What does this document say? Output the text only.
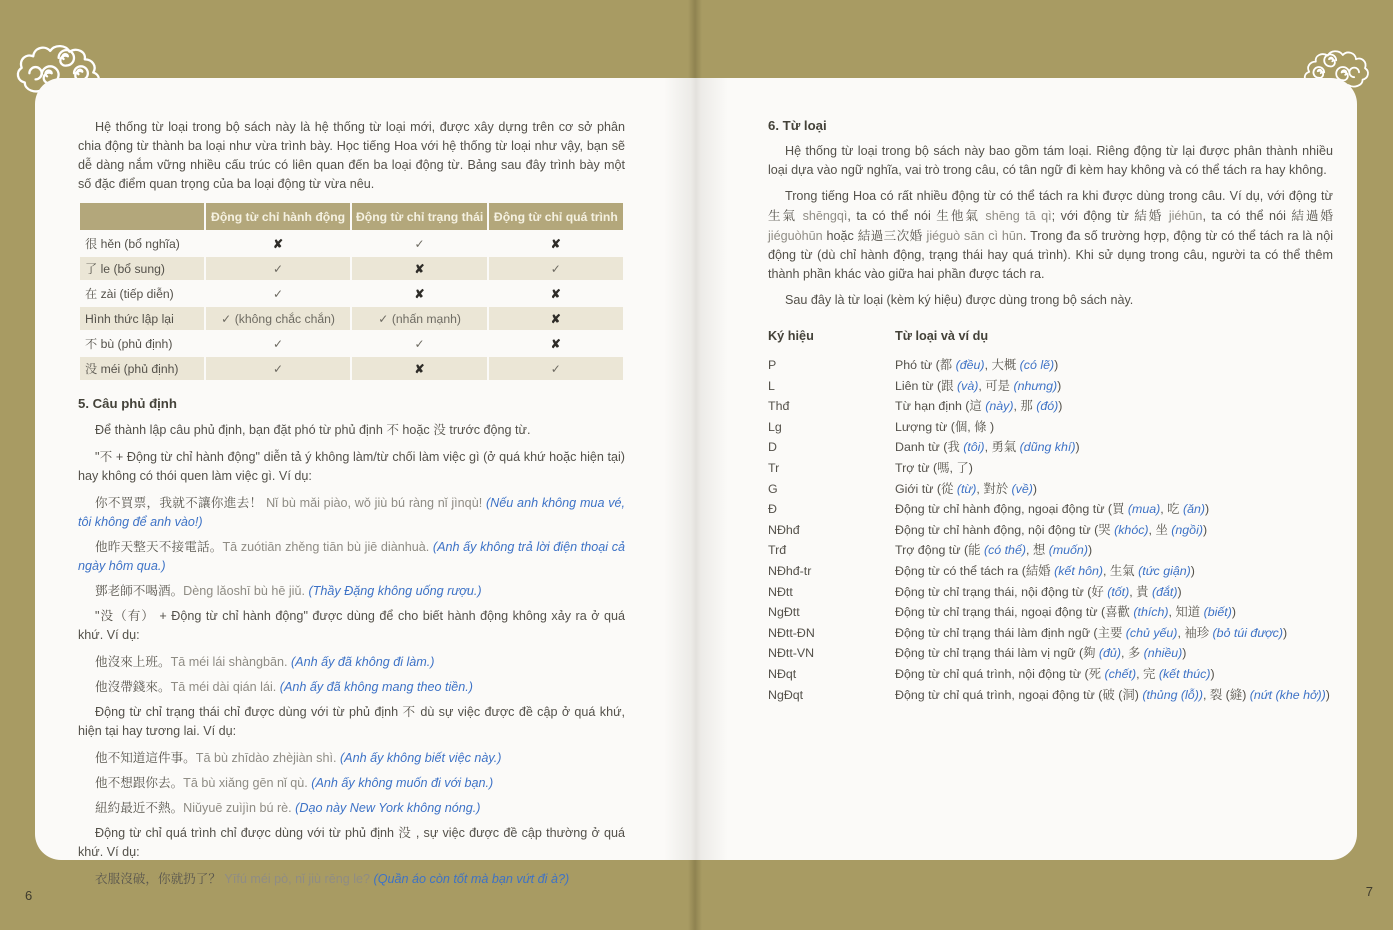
Hệ thống từ loại trong bộ sách này là hệ thống từ loại mới, được xây dựng trên cơ sở phân chia động từ thành ba loại như vừa trình bày. Học tiếng Hoa với hệ thống từ loại như vậy, bạn sẽ dễ dàng nắm vững nhiều cấu trúc có liên quan đến ba loại động từ. Bảng sau đây trình bày một số đặc điểm quan trọng của ba loại động từ vừa nêu.

	Động từ chỉ hành động	Động từ chỉ trạng thái	Động từ chỉ quá trình
很 hěn (bổ nghĩa)	✘	✓	✘
了 le (bổ sung)	✓	✘	✓
在 zài (tiếp diễn)	✓	✘	✘
Hình thức lập lại	✓ (không chắc chắn)	✓ (nhấn mạnh)	✘
不 bù (phủ định)	✓	✓	✘
没 méi (phủ định)	✓	✘	✓
5. Câu phủ định

Để thành lập câu phủ định, bạn đặt phó từ phủ định 不 hoặc 没 trước động từ.

"不 + Động từ chỉ hành động" diễn tả ý không làm/từ chối làm việc gì (ở quá khứ hoặc hiện tại) hay không có thói quen làm việc gì. Ví dụ:

你不買票，我就不讓你進去！ Nǐ bù mǎi piào, wǒ jiù bú ràng nǐ jìnqù! (Nếu anh không mua vé, tôi không để anh vào!)

他昨天整天不接電話。Tā zuótiān zhěng tiān bù jiē diànhuà. (Anh ấy không trả lời điện thoại cả ngày hôm qua.)

鄧老師不喝酒。Dèng lǎoshī bù hē jiǔ. (Thầy Đặng không uống rượu.)

"没（有） + Động từ chỉ hành động" được dùng để cho biết hành động không xảy ra ở quá khứ. Ví dụ:

他沒來上班。Tā méi lái shàngbān. (Anh ấy đã không đi làm.)

他沒帶錢來。Tā méi dài qián lái. (Anh ấy đã không mang theo tiền.)

Động từ chỉ trạng thái chỉ được dùng với từ phủ định 不 dù sự việc được đề cập ở quá khứ, hiện tại hay tương lai. Ví dụ:

他不知道這件事。Tā bù zhīdào zhèjiàn shì. (Anh ấy không biết việc này.)

他不想跟你去。Tā bù xiǎng gēn nǐ qù. (Anh ấy không muốn đi với bạn.)

紐約最近不熱。Niǔyuē zuìjìn bú rè. (Dạo này New York không nóng.)

Động từ chỉ quá trình chỉ được dùng với từ phủ định 没 , sự việc được đề cập thường ở quá khứ. Ví dụ:

衣服沒破，你就扔了？ Yīfú méi pò, nǐ jiù rēng le? (Quần áo còn tốt mà bạn vứt đi à?)

6. Từ loại

Hệ thống từ loại trong bộ sách này bao gồm tám loại. Riêng động từ lại được phân thành nhiều loại dựa vào ngữ nghĩa, vai trò trong câu, có tân ngữ đi kèm hay không và có thể tách ra hay không.

Trong tiếng Hoa có rất nhiều động từ có thể tách ra khi được dùng trong câu. Ví dụ, với động từ 生氣 shēngqì, ta có thể nói 生他氣 shēng tā qì; với động từ 結婚 jiéhūn, ta có thể nói 結過婚 jiéguòhūn hoặc 結過三次婚 jiéguò sān cì hūn. Trong đa số trường hợp, động từ có thể tách ra là nội động từ (dù chỉ hành động, trạng thái hay quá trình). Khi sử dụng trong câu, người ta có thể thêm thành phần khác vào giữa hai phần được tách ra.

Sau đây là từ loại (kèm ký hiệu) được dùng trong bộ sách này.

Ký hiệu	Từ loại và ví dụ
P	Phó từ (都 (đều), 大概 (có lẽ))
L	Liên từ (跟 (và), 可是 (nhưng))
Thđ	Từ hạn định (這 (này), 那 (đó))
Lg	Lượng từ (個, 條 )
D	Danh từ (我 (tôi), 勇氣 (dũng khí))
Tr	Trợ từ (嗎, 了)
G	Giới từ (從 (từ), 對於 (về))
Đ	Động từ chỉ hành động, ngoại động từ (買 (mua), 吃 (ăn))
NĐhđ	Động từ chỉ hành động, nội động từ (哭 (khóc), 坐 (ngồi))
Trđ	Trợ động từ (能 (có thể), 想 (muốn))
NĐhđ-tr	Động từ có thể tách ra (結婚 (kết hôn), 生氣 (tức giận))
NĐtt	Động từ chỉ trạng thái, nội động từ (好 (tốt), 貴 (đắt))
NgĐtt	Động từ chỉ trạng thái, ngoại động từ (喜歡 (thích), 知道 (biết))
NĐtt-ĐN	Động từ chỉ trạng thái làm định ngữ (主要 (chủ yếu), 袖珍 (bỏ túi được))
NĐtt-VN	Động từ chỉ trạng thái làm vị ngữ (夠 (đủ), 多 (nhiều))
NĐqt	Động từ chỉ quá trình, nội động từ (死 (chết), 完 (kết thúc))
NgĐqt	Động từ chỉ quá trình, ngoại động từ (破 (洞) (thủng (lỗ)), 裂 (縫) (nứt (khe hở)))
6	7
